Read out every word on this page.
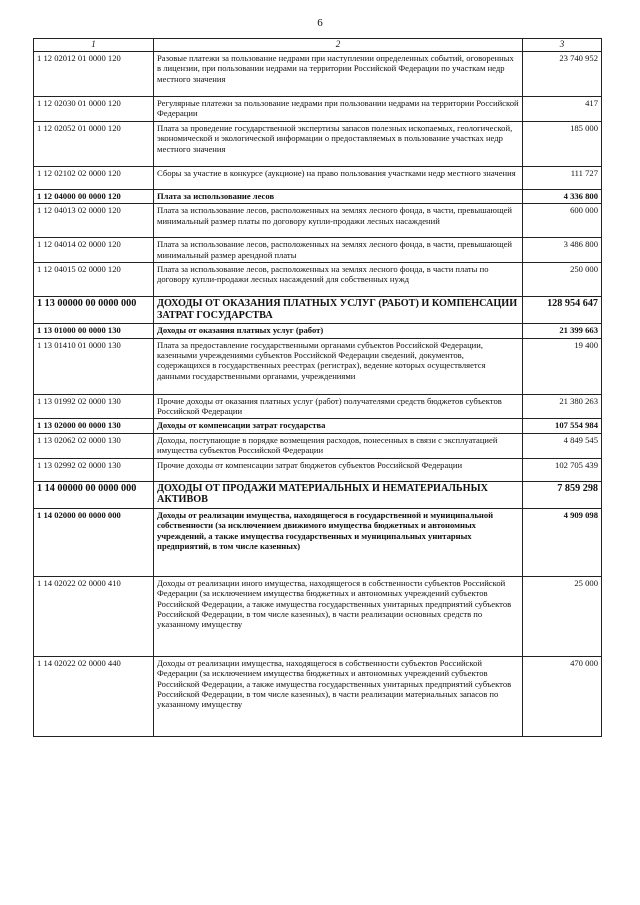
6
1	2	3
1 12 02012 01 0000 120	Разовые платежи за пользование недрами при наступлении определенных событий, оговоренных в лицензии, при пользовании недрами на территории Российской Федерации по участкам недр местного значения	23 740 952
1 12 02030 01 0000 120	Регулярные платежи за пользование недрами при пользовании недрами на территории Российской Федерации	417
1 12 02052 01 0000 120	Плата за проведение государственной экспертизы запасов полезных ископаемых, геологической, экономической и экологической информации о предоставляемых в пользование участках недр местного значения	185 000
1 12 02102 02 0000 120	Сборы за участие в конкурсе (аукционе) на право пользования участками недр местного значения	111 727
1 12 04000 00 0000 120	Плата за использование лесов	4 336 800
1 12 04013 02 0000 120	Плата за использование лесов, расположенных на землях лесного фонда, в части, превышающей минимальный размер платы по договору купли-продажи лесных насаждений	600 000
1 12 04014 02 0000 120	Плата за использование лесов, расположенных на землях лесного фонда, в части, превышающей минимальный размер арендной платы	3 486 800
1 12 04015 02 0000 120	Плата за использование лесов, расположенных на землях лесного фонда, в части платы по договору купли-продажи лесных насаждений для собственных нужд	250 000
1 13 00000 00 0000 000	ДОХОДЫ ОТ ОКАЗАНИЯ ПЛАТНЫХ УСЛУГ (РАБОТ) И КОМПЕНСАЦИИ ЗАТРАТ ГОСУДАРСТВА	128 954 647
1 13 01000 00 0000 130	Доходы от оказания платных услуг (работ)	21 399 663
1 13 01410 01 0000 130	Плата за предоставление государственными органами субъектов Российской Федерации, казенными учреждениями субъектов Российской Федерации сведений, документов, содержащихся в государственных реестрах (регистрах), ведение которых осуществляется данными государственными органами, учреждениями	19 400
1 13 01992 02 0000 130	Прочие доходы от оказания платных услуг (работ) получателями средств бюджетов субъектов Российской Федерации	21 380 263
1 13 02000 00 0000 130	Доходы от компенсации затрат государства	107 554 984
1 13 02062 02 0000 130	Доходы, поступающие в порядке возмещения расходов, понесенных в связи с эксплуатацией имущества субъектов Российской Федерации	4 849 545
1 13 02992 02 0000 130	Прочие доходы от компенсации затрат бюджетов субъектов Российской Федерации	102 705 439
1 14 00000 00 0000 000	ДОХОДЫ ОТ ПРОДАЖИ МАТЕРИАЛЬНЫХ И НЕМАТЕРИАЛЬНЫХ АКТИВОВ	7 859 298
1 14 02000 00 0000 000	Доходы от реализации имущества, находящегося в государственной и муниципальной собственности (за исключением движимого имущества бюджетных и автономных учреждений, а также имущества государственных и муниципальных унитарных предприятий, в том числе казенных)	4 909 098
1 14 02022 02 0000 410	Доходы от реализации иного имущества, находящегося в собственности субъектов Российской Федерации (за исключением имущества бюджетных и автономных учреждений субъектов Российской Федерации, а также имущества государственных унитарных предприятий субъектов Российской Федерации, в том числе казенных), в части реализации основных средств по указанному имуществу	25 000
1 14 02022 02 0000 440	Доходы от реализации имущества, находящегося в собственности субъектов Российской Федерации (за исключением имущества бюджетных и автономных учреждений субъектов Российской Федерации, а также имущества государственных унитарных предприятий субъектов Российской Федерации, в том числе казенных), в части реализации материальных запасов по указанному имуществу	470 000
